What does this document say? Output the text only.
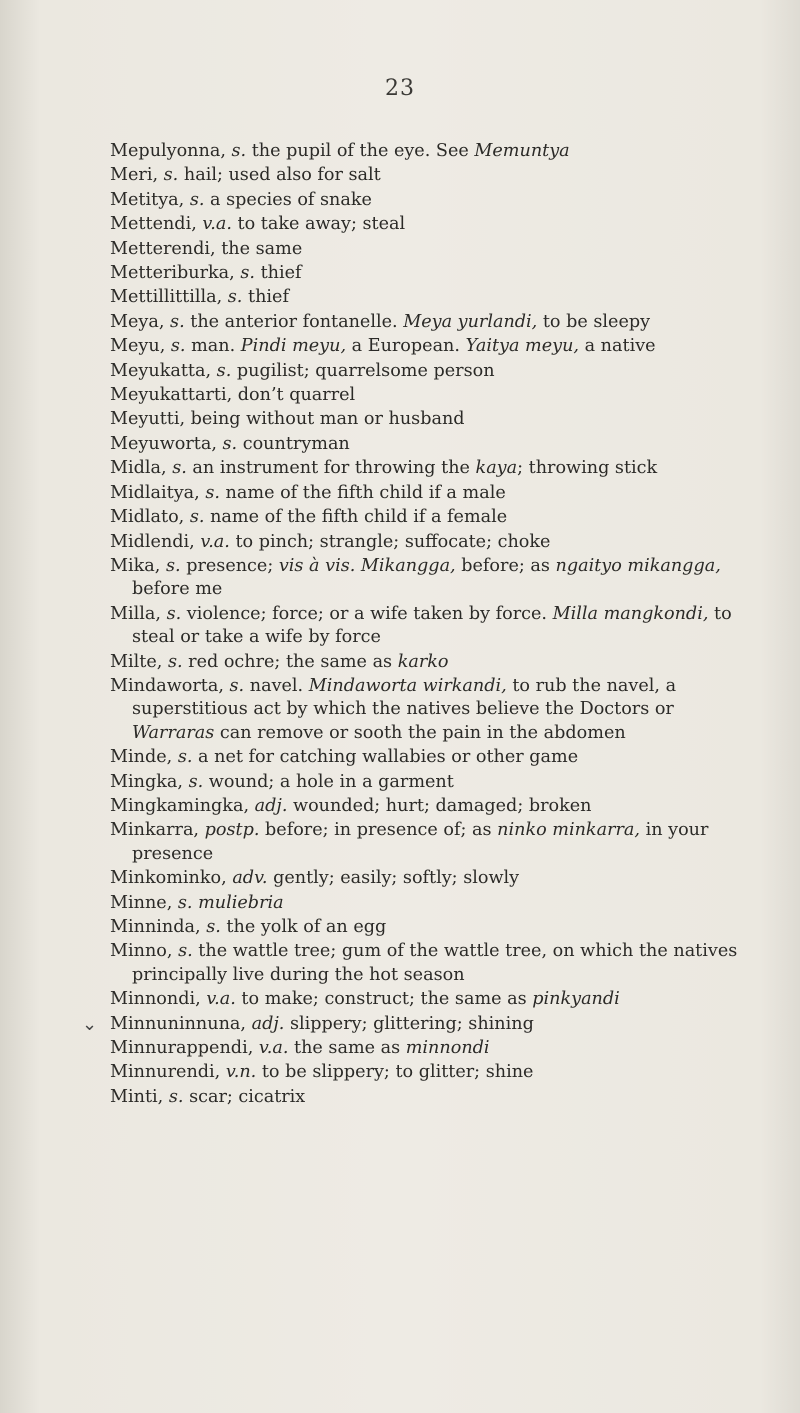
23
⌄
Mepulyonna, s. the pupil of the eye. See Memuntya
Meri, s. hail; used also for salt
Metitya, s. a species of snake
Mettendi, v.a. to take away; steal
Metterendi, the same
Metteriburka, s. thief
Mettillittilla, s. thief
Meya, s. the anterior fontanelle. Meya yurlandi, to be sleepy
Meyu, s. man. Pindi meyu, a European. Yaitya meyu, a native
Meyukatta, s. pugilist; quarrelsome person
Meyukattarti, don’t quarrel
Meyutti, being without man or husband
Meyuworta, s. countryman
Midla, s. an instrument for throwing the kaya; throwing stick
Midlaitya, s. name of the fifth child if a male
Midlato, s. name of the fifth child if a female
Midlendi, v.a. to pinch; strangle; suffocate; choke
Mika, s. presence; vis à vis. Mikangga, before; as ngaityo mikangga, before me
Milla, s. violence; force; or a wife taken by force. Milla mangkondi, to steal or take a wife by force
Milte, s. red ochre; the same as karko
Mindaworta, s. navel. Mindaworta wirkandi, to rub the navel, a superstitious act by which the natives believe the Doctors or Warraras can remove or sooth the pain in the abdomen
Minde, s. a net for catching wallabies or other game
Mingka, s. wound; a hole in a garment
Mingkamingka, adj. wounded; hurt; damaged; broken
Minkarra, postp. before; in presence of; as ninko minkarra, in your presence
Minkominko, adv. gently; easily; softly; slowly
Minne, s. muliebria
Minninda, s. the yolk of an egg
Minno, s. the wattle tree; gum of the wattle tree, on which the natives principally live during the hot season
Minnondi, v.a. to make; construct; the same as pinkyandi
Minnuninnuna, adj. slippery; glittering; shining
Minnurappendi, v.a. the same as minnondi
Minnurendi, v.n. to be slippery; to glitter; shine
Minti, s. scar; cicatrix
